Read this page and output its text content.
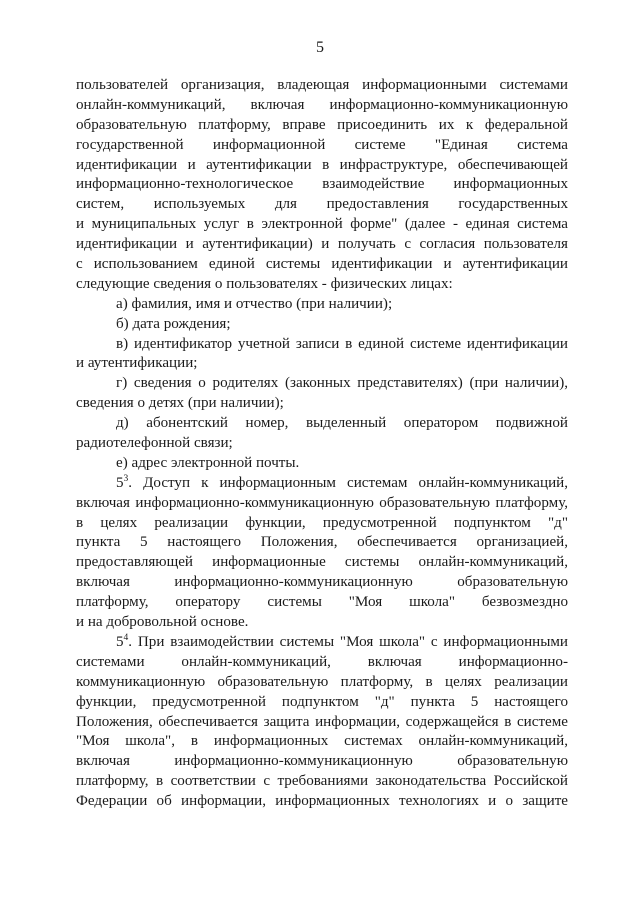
5
пользователей организация, владеющая информационными системами
онлайн-коммуникаций, включая информационно-коммуникационную
образовательную платформу, вправе присоединить их к федеральной
государственной информационной системе "Единая система
идентификации и аутентификации в инфраструктуре, обеспечивающей
информационно-технологическое взаимодействие информационных
систем, используемых для предоставления государственных
и муниципальных услуг в электронной форме" (далее - единая система
идентификации и аутентификации) и получать с согласия пользователя
с использованием единой системы идентификации и аутентификации
следующие сведения о пользователях - физических лицах:
а) фамилия, имя и отчество (при наличии);
б) дата рождения;
в) идентификатор учетной записи в единой системе идентификации
и аутентификации;
г) сведения о родителях (законных представителях) (при наличии),
сведения о детях (при наличии);
д) абонентский номер, выделенный оператором подвижной
радиотелефонной связи;
е) адрес электронной почты.
$5^3$. Доступ к информационным системам онлайн-коммуникаций,
включая информационно-коммуникационную образовательную платформу,
в целях реализации функции, предусмотренной подпунктом "д"
пункта 5 настоящего Положения, обеспечивается организацией,
предоставляющей информационные системы онлайн-коммуникаций,
включая информационно-коммуникационную образовательную
платформу, оператору системы "Моя школа" безвозмездно
и на добровольной основе.
$5^4$. При взаимодействии системы "Моя школа" с информационными
системами онлайн-коммуникаций, включая информационно-
коммуникационную образовательную платформу, в целях реализации
функции, предусмотренной подпунктом "д" пункта 5 настоящего
Положения, обеспечивается защита информации, содержащейся в системе
"Моя школа", в информационных системах онлайн-коммуникаций,
включая информационно-коммуникационную образовательную
платформу, в соответствии с требованиями законодательства Российской
Федерации об информации, информационных технологиях и о защите
